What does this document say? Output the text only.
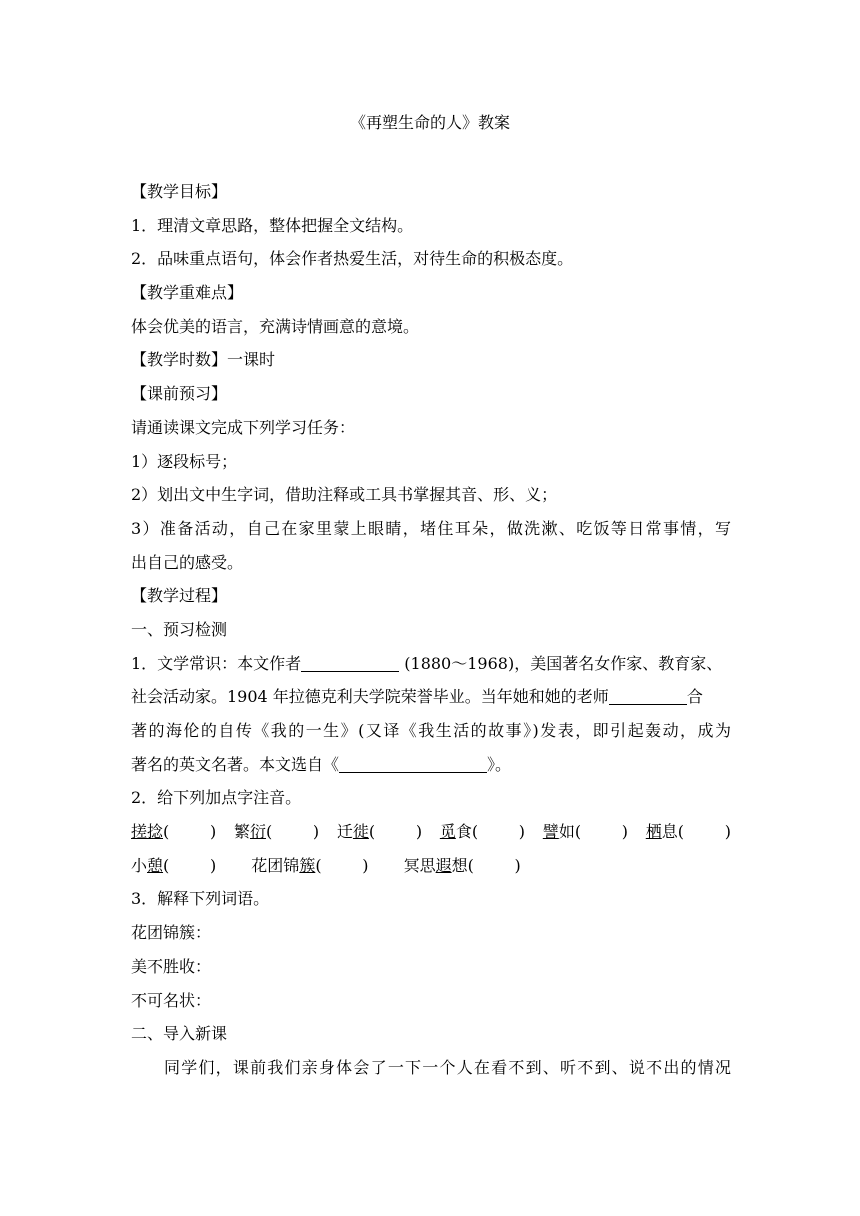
《再塑生命的人》教案
【教学目标】
1．理清文章思路，整体把握全文结构。
2．品味重点语句，体会作者热爱生活，对待生命的积极态度。
【教学重难点】
体会优美的语言，充满诗情画意的意境。
【教学时数】一课时
【课前预习】
请通读课文完成下列学习任务：
1）逐段标号；
2）划出文中生字词，借助注释或工具书掌握其音、形、义；
3）准备活动，自己在家里蒙上眼睛，堵住耳朵，做洗漱、吃饭等日常事情，写
出自己的感受。
【教学过程】
一、预习检测
1．文学常识：本文作者	(1880～1968)，美国著名女作家、教育家、
社会活动家。1904 年拉德克利夫学院荣誉毕业。当年她和她的老师	合
著的海伦的自传《我的一生》(又译《我生活的故事》)发表，即引起轰动，成为
著名的英文名著。本文选自《	》。
2．给下列加点字注音。
搓捻(        ) 繁衍(        ) 迁徙(        ) 觅食(        ) 譬如(        ) 栖息(        )
小憩(        ) 花团锦簇(        ) 冥思遐想(        )
3．解释下列词语。
花团锦簇：
美不胜收：
不可名状：
二、导入新课
同学们，课前我们亲身体会了一下一个人在看不到、听不到、说不出的情况
